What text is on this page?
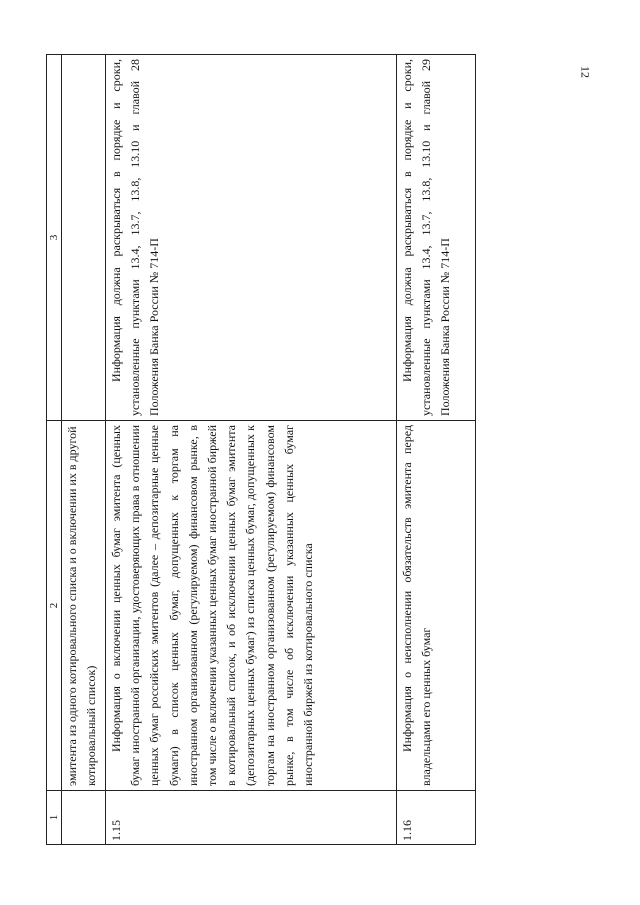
12
1	2	3
	эмитента из одного котировального списка и о включении их в другой котировальный список)	
1.15	Информация о включении ценных бумаг эмитента (ценных бумаг иностранной организации, удостоверяющих права в отношении ценных бумаг российских эмитентов (далее – депозитарные ценные бумаги) в список ценных бумаг, допущенных к торгам на иностранном организованном (регулируемом) финансовом рынке, в том числе о включении указанных ценных бумаг иностранной биржей в котировальный список, и об исключении ценных бумаг эмитента (депозитарных ценных бумаг) из списка ценных бумаг, допущенных к торгам на иностранном организованном (регулируемом) финансовом рынке, в том числе об исключении указанных ценных бумаг иностранной биржей из котировального списка	Информация должна раскрываться в порядке и сроки, установленные пунктами 13.4, 13.7, 13.8, 13.10 и главой 28 Положения Банка России № 714-П
1.16	Информация о неисполнении обязательств эмитента перед владельцами его ценных бумаг	Информация должна раскрываться в порядке и сроки, установленные пунктами 13.4, 13.7, 13.8, 13.10 и главой 29 Положения Банка России № 714-П
